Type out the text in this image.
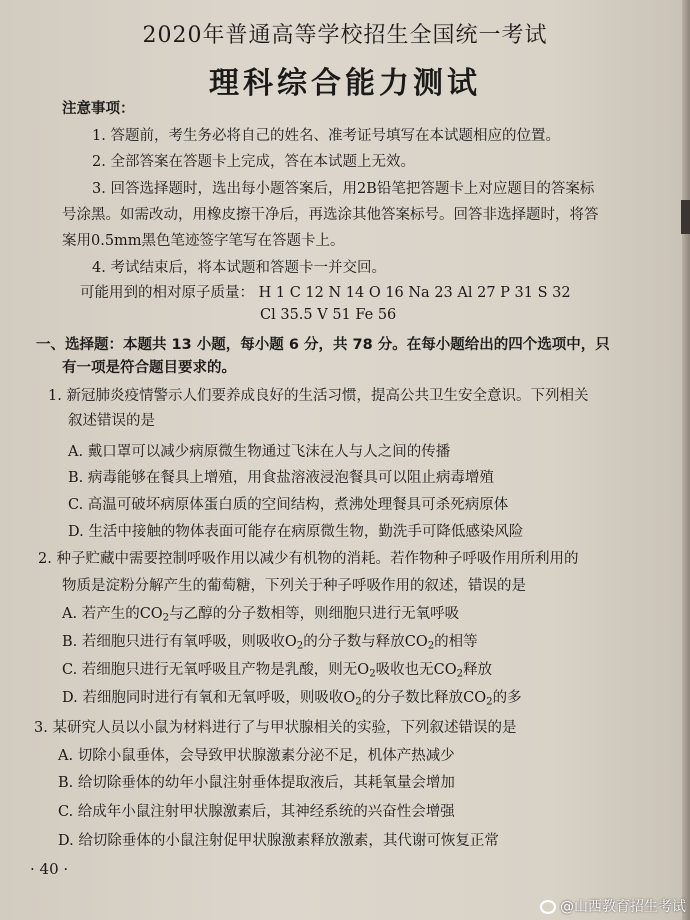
2020年普通高等学校招生全国统一考试
理科综合能力测试
注意事项：
1. 答题前，考生务必将自己的姓名、准考证号填写在本试题相应的位置。
2. 全部答案在答题卡上完成，答在本试题上无效。
3. 回答选择题时，选出每小题答案后，用2B铅笔把答题卡上对应题目的答案标
号涂黑。如需改动，用橡皮擦干净后，再选涂其他答案标号。回答非选择题时，将答
案用0.5mm黑色笔迹签字笔写在答题卡上。
4. 考试结束后，将本试题和答题卡一并交回。
可能用到的相对原子质量： H 1 C 12 N 14 O 16 Na 23 Al 27 P 31 S 32
Cl 35.5 V 51 Fe 56
一、选择题：本题共 13 小题，每小题 6 分，共 78 分。在每小题给出的四个选项中，只
有一项是符合题目要求的。
1. 新冠肺炎疫情警示人们要养成良好的生活习惯，提高公共卫生安全意识。下列相关
叙述错误的是
A. 戴口罩可以减少病原微生物通过飞沫在人与人之间的传播
B. 病毒能够在餐具上增殖，用食盐溶液浸泡餐具可以阻止病毒增殖
C. 高温可破坏病原体蛋白质的空间结构，煮沸处理餐具可杀死病原体
D. 生活中接触的物体表面可能存在病原微生物，勤洗手可降低感染风险
2. 种子贮藏中需要控制呼吸作用以减少有机物的消耗。若作物种子呼吸作用所利用的
物质是淀粉分解产生的葡萄糖，下列关于种子呼吸作用的叙述，错误的是
A. 若产生的$CO_2$与乙醇的分子数相等，则细胞只进行无氧呼吸
B. 若细胞只进行有氧呼吸，则吸收$O_2$的分子数与释放$CO_2$的相等
C. 若细胞只进行无氧呼吸且产物是乳酸，则无$O_2$吸收也无$CO_2$释放
D. 若细胞同时进行有氧和无氧呼吸，则吸收$O_2$的分子数比释放$CO_2$的多
3. 某研究人员以小鼠为材料进行了与甲状腺相关的实验，下列叙述错误的是
A. 切除小鼠垂体，会导致甲状腺激素分泌不足，机体产热减少
B. 给切除垂体的幼年小鼠注射垂体提取液后，其耗氧量会增加
C. 给成年小鼠注射甲状腺激素后，其神经系统的兴奋性会增强
D. 给切除垂体的小鼠注射促甲状腺激素释放激素，其代谢可恢复正常
· 40 ·
@山西教育招生考试
